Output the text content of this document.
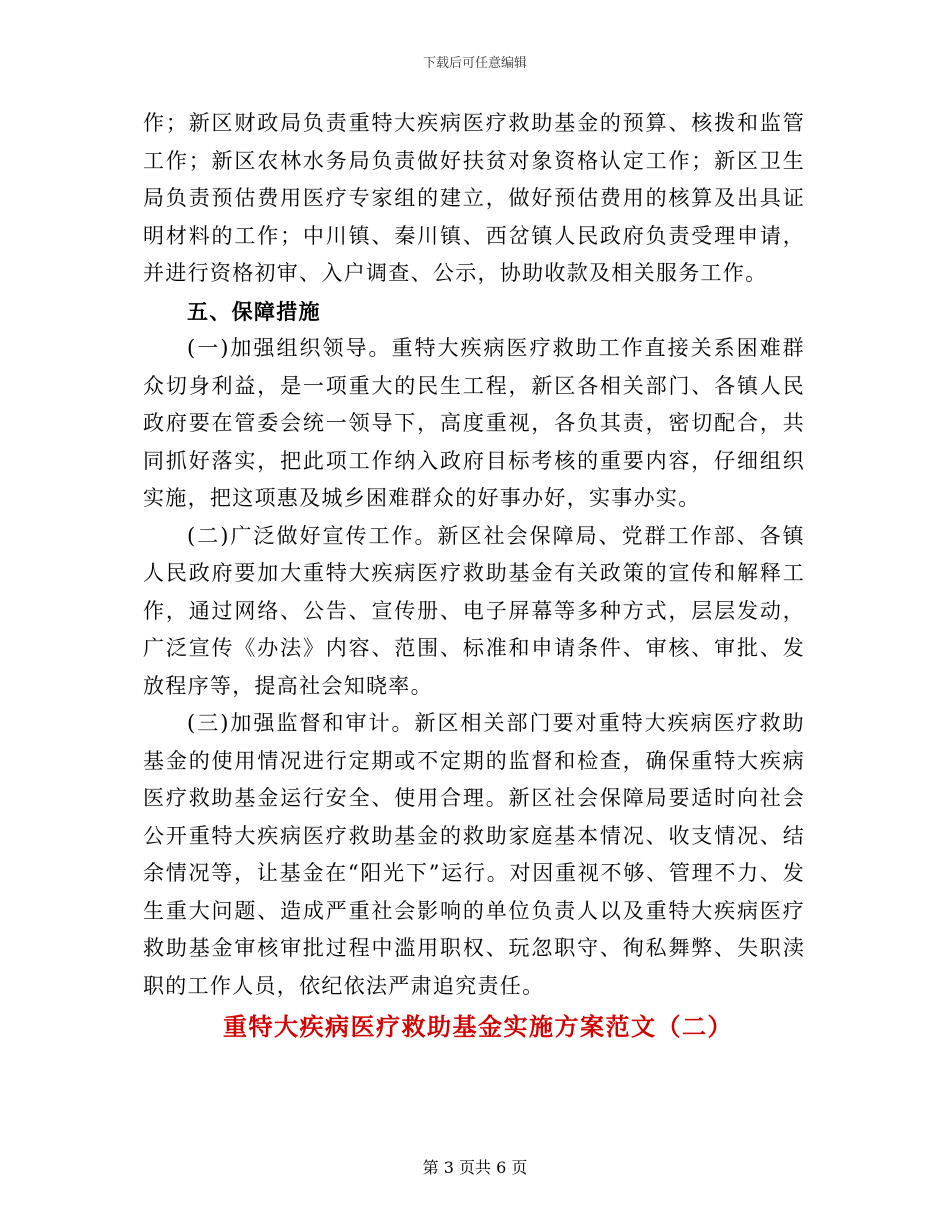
下载后可任意编辑

作；新区财政局负责重特大疾病医疗救助基金的预算、核拨和监管工作；新区农林水务局负责做好扶贫对象资格认定工作；新区卫生局负责预估费用医疗专家组的建立，做好预估费用的核算及出具证明材料的工作；中川镇、秦川镇、西岔镇人民政府负责受理申请，并进行资格初审、入户调查、公示，协助收款及相关服务工作。

五、保障措施

(一)加强组织领导。重特大疾病医疗救助工作直接关系困难群众切身利益，是一项重大的民生工程，新区各相关部门、各镇人民政府要在管委会统一领导下，高度重视，各负其责，密切配合，共同抓好落实，把此项工作纳入政府目标考核的重要内容，仔细组织实施，把这项惠及城乡困难群众的好事办好，实事办实。

(二)广泛做好宣传工作。新区社会保障局、党群工作部、各镇人民政府要加大重特大疾病医疗救助基金有关政策的宣传和解释工作，通过网络、公告、宣传册、电子屏幕等多种方式，层层发动，广泛宣传《办法》内容、范围、标准和申请条件、审核、审批、发放程序等，提高社会知晓率。

(三)加强监督和审计。新区相关部门要对重特大疾病医疗救助基金的使用情况进行定期或不定期的监督和检查，确保重特大疾病医疗救助基金运行安全、使用合理。新区社会保障局要适时向社会公开重特大疾病医疗救助基金的救助家庭基本情况、收支情况、结余情况等，让基金在“阳光下”运行。对因重视不够、管理不力、发生重大问题、造成严重社会影响的单位负责人以及重特大疾病医疗救助基金审核审批过程中滥用职权、玩忽职守、徇私舞弊、失职渎职的工作人员，依纪依法严肃追究责任。

重特大疾病医疗救助基金实施方案范文（二）

第 3 页共 6 页
